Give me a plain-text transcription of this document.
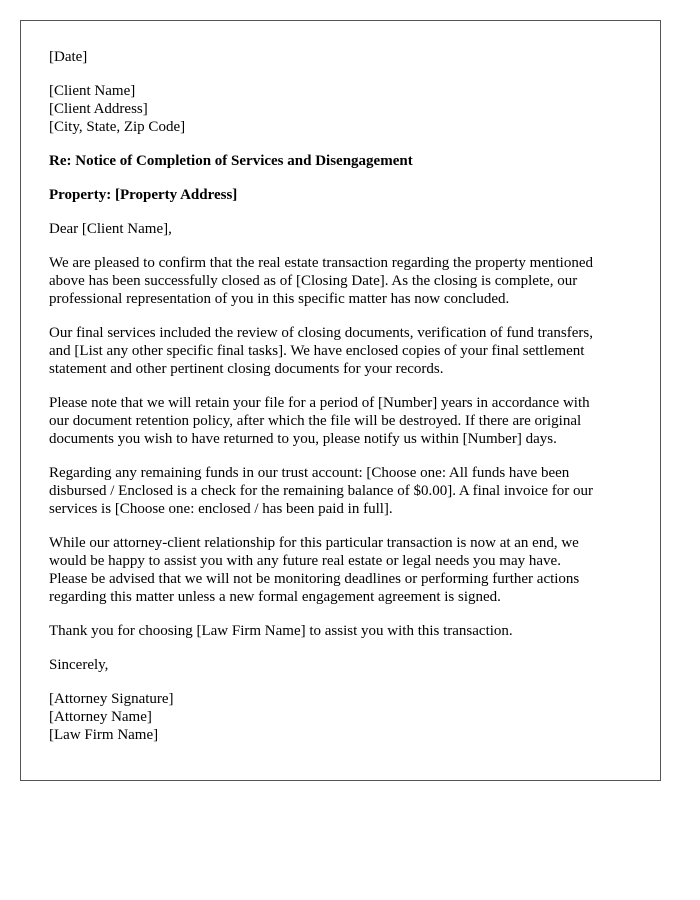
[Date]

[Client Name]
[Client Address]
[City, State, Zip Code]

Re: Notice of Completion of Services and Disengagement

Property: [Property Address]

Dear [Client Name],

We are pleased to confirm that the real estate transaction regarding the property mentioned
above has been successfully closed as of [Closing Date]. As the closing is complete, our
professional representation of you in this specific matter has now concluded.

Our final services included the review of closing documents, verification of fund transfers,
and [List any other specific final tasks]. We have enclosed copies of your final settlement
statement and other pertinent closing documents for your records.

Please note that we will retain your file for a period of [Number] years in accordance with
our document retention policy, after which the file will be destroyed. If there are original
documents you wish to have returned to you, please notify us within [Number] days.

Regarding any remaining funds in our trust account: [Choose one: All funds have been
disbursed / Enclosed is a check for the remaining balance of $0.00]. A final invoice for our
services is [Choose one: enclosed / has been paid in full].

While our attorney-client relationship for this particular transaction is now at an end, we
would be happy to assist you with any future real estate or legal needs you may have.
Please be advised that we will not be monitoring deadlines or performing further actions
regarding this matter unless a new formal engagement agreement is signed.

Thank you for choosing [Law Firm Name] to assist you with this transaction.

Sincerely,

[Attorney Signature]
[Attorney Name]
[Law Firm Name]
